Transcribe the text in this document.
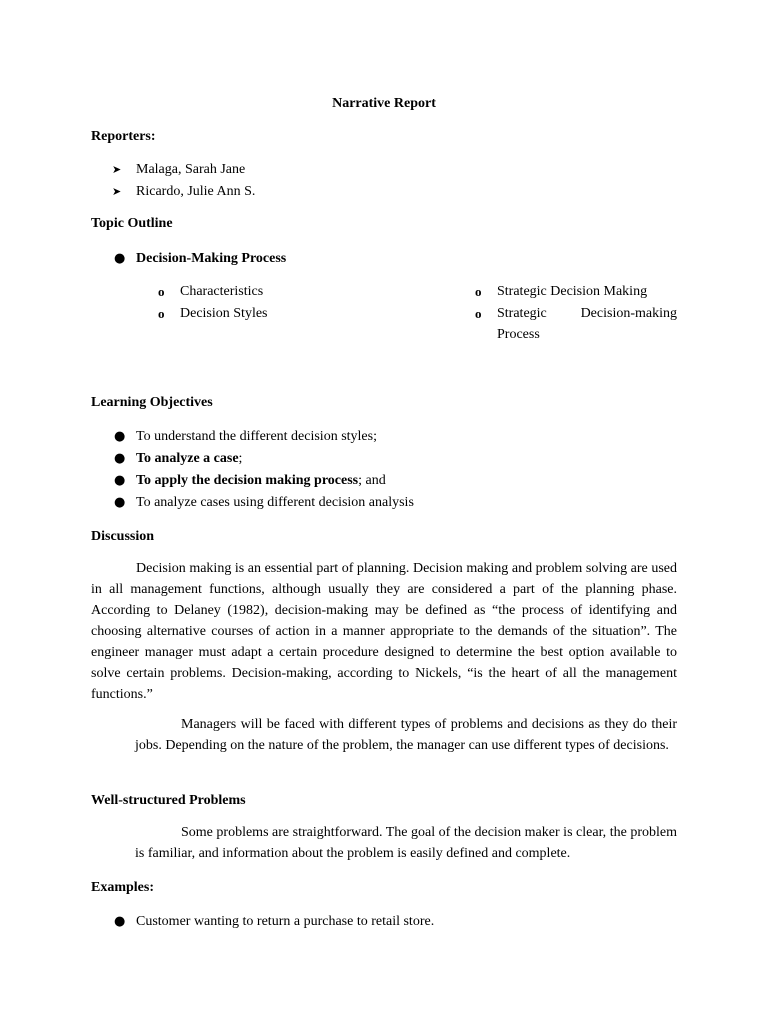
Narrative Report
Reporters:
➤ Malaga, Sarah Jane
➤ Ricardo, Julie Ann S.
Topic Outline
● Decision-Making Process
o Characteristics
o Decision Styles
o Strategic Decision Making
o Strategic Decision-making Process
Learning Objectives
● To understand the different decision styles;
● To analyze a case;
● To apply the decision making process; and
● To analyze cases using different decision analysis
Discussion

Decision making is an essential part of planning. Decision making and problem solving are used in all management functions, although usually they are considered a part of the planning phase. According to Delaney (1982), decision-making may be defined as “the process of identifying and choosing alternative courses of action in a manner appropriate to the demands of the situation”. The engineer manager must adapt a certain procedure designed to determine the best option available to solve certain problems. Decision-making, according to Nickels, “is the heart of all the management functions.”

Managers will be faced with different types of problems and decisions as they do their jobs. Depending on the nature of the problem, the manager can use different types of decisions.

Well-structured Problems

Some problems are straightforward. The goal of the decision maker is clear, the problem is familiar, and information about the problem is easily defined and complete.

Examples:
● Customer wanting to return a purchase to retail store.
